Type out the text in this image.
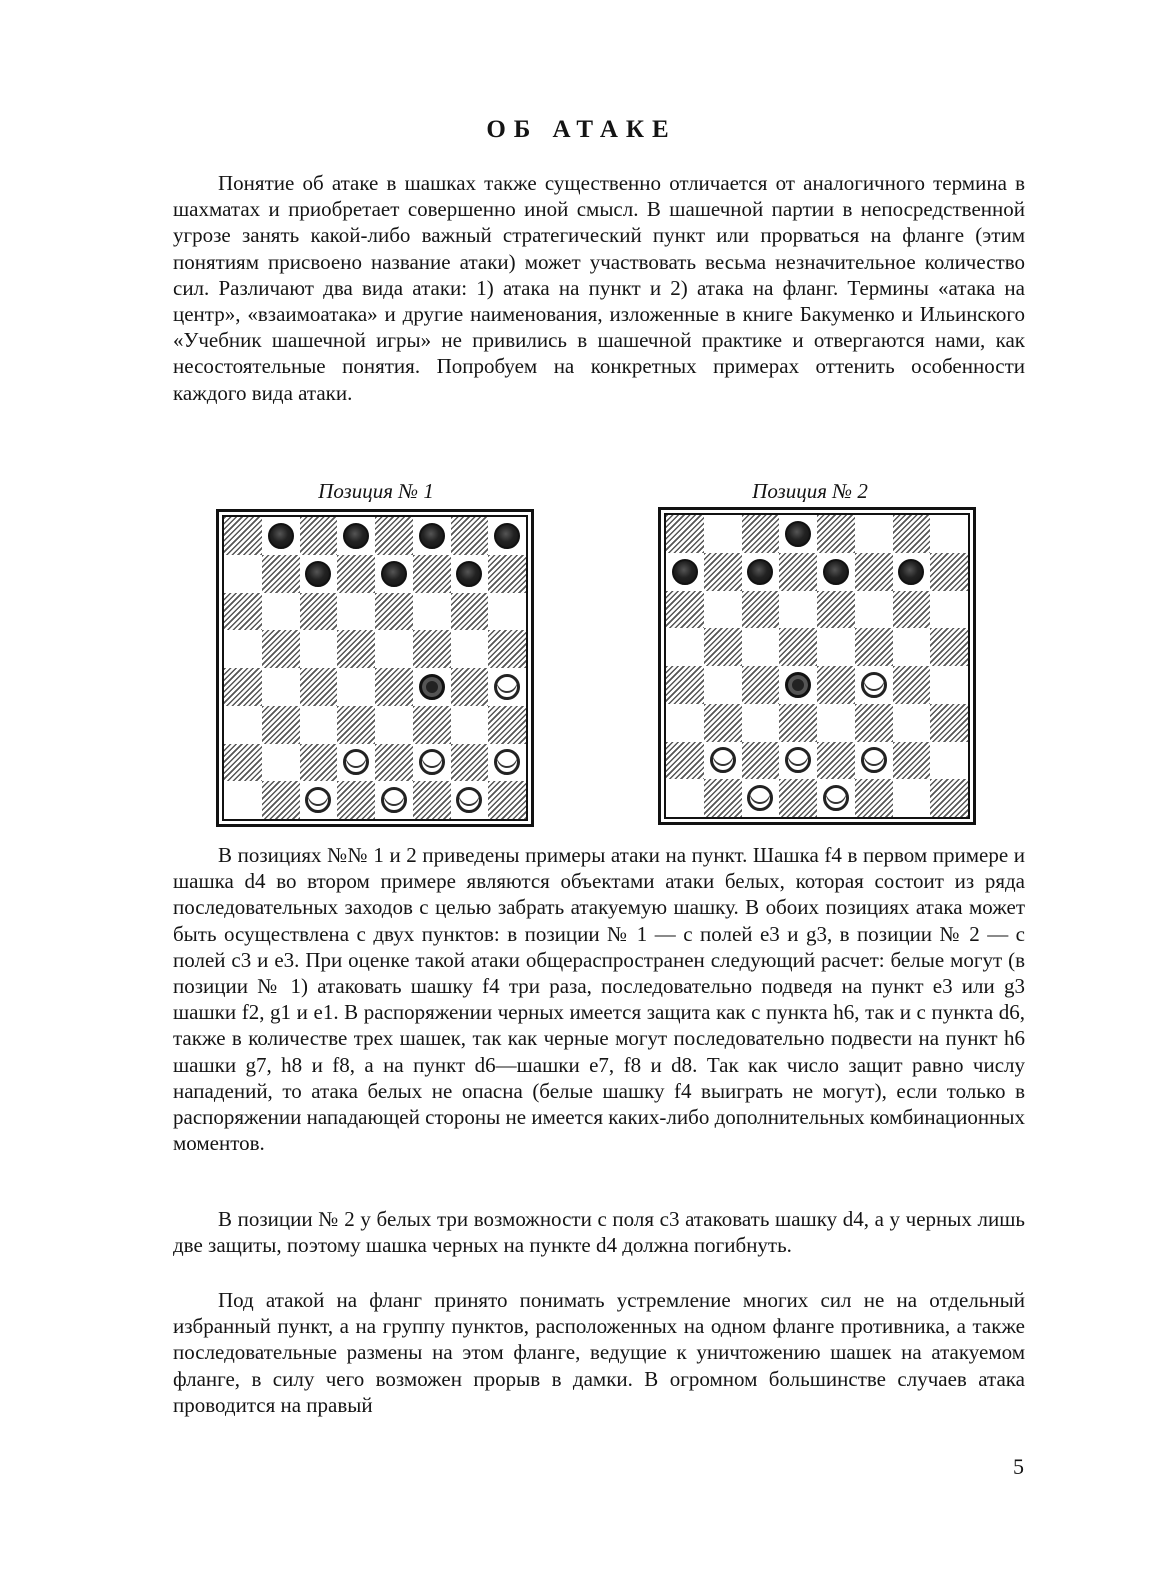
ОБ АТАКЕ

Понятие об атаке в шашках также существенно отличается от аналогичного термина в шахматах и приобретает совершенно иной смысл. В шашечной партии в непосредственной угрозе занять какой-либо важный стратегический пункт или прорваться на фланге (этим понятиям присвоено название атаки) может участвовать весьма незначительное количество сил. Различают два вида атаки: 1) атака на пункт и 2) атака на фланг. Термины «атака на центр», «взаимоатака» и другие наименования, изложенные в книге Бакуменко и Ильинского «Учебник шашечной игры» не привились в шашечной практике и отвергаются нами, как несостоятельные понятия. Попробуем на конкретных примерах оттенить особенности каждого вида атаки.

Позиция № 1	Позиция № 2

В позициях №№ 1 и 2 приведены примеры атаки на пункт. Шашка f4 в первом примере и шашка d4 во втором примере являются объектами атаки белых, которая состоит из ряда последовательных заходов с целью забрать атакуемую шашку. В обоих позициях атака может быть осуществлена с двух пунктов: в позиции № 1 — с полей e3 и g3, в позиции № 2 — с полей c3 и e3. При оценке такой атаки общераспространен следующий расчет: белые могут (в позиции № 1) атаковать шашку f4 три раза, последовательно подведя на пункт e3 или g3 шашки f2, g1 и e1. В распоряжении черных имеется защита как с пункта h6, так и с пункта d6, также в количестве трех шашек, так как черные могут последовательно подвести на пункт h6 шашки g7, h8 и f8, а на пункт d6—шашки e7, f8 и d8. Так как число защит равно числу нападений, то атака белых не опасна (белые шашку f4 выиграть не могут), если только в распоряжении нападающей стороны не имеется каких-либо дополнительных комбинационных моментов.

В позиции № 2 у белых три возможности с поля c3 атаковать шашку d4, а у черных лишь две защиты, поэтому шашка черных на пункте d4 должна погибнуть.

Под атакой на фланг принято понимать устремление многих сил не на отдельный избранный пункт, а на группу пунктов, расположенных на одном фланге противника, а также последовательные размены на этом фланге, ведущие к уничтожению шашек на атакуемом фланге, в силу чего возможен прорыв в дамки. В огромном большинстве случаев атака проводится на правый

5
